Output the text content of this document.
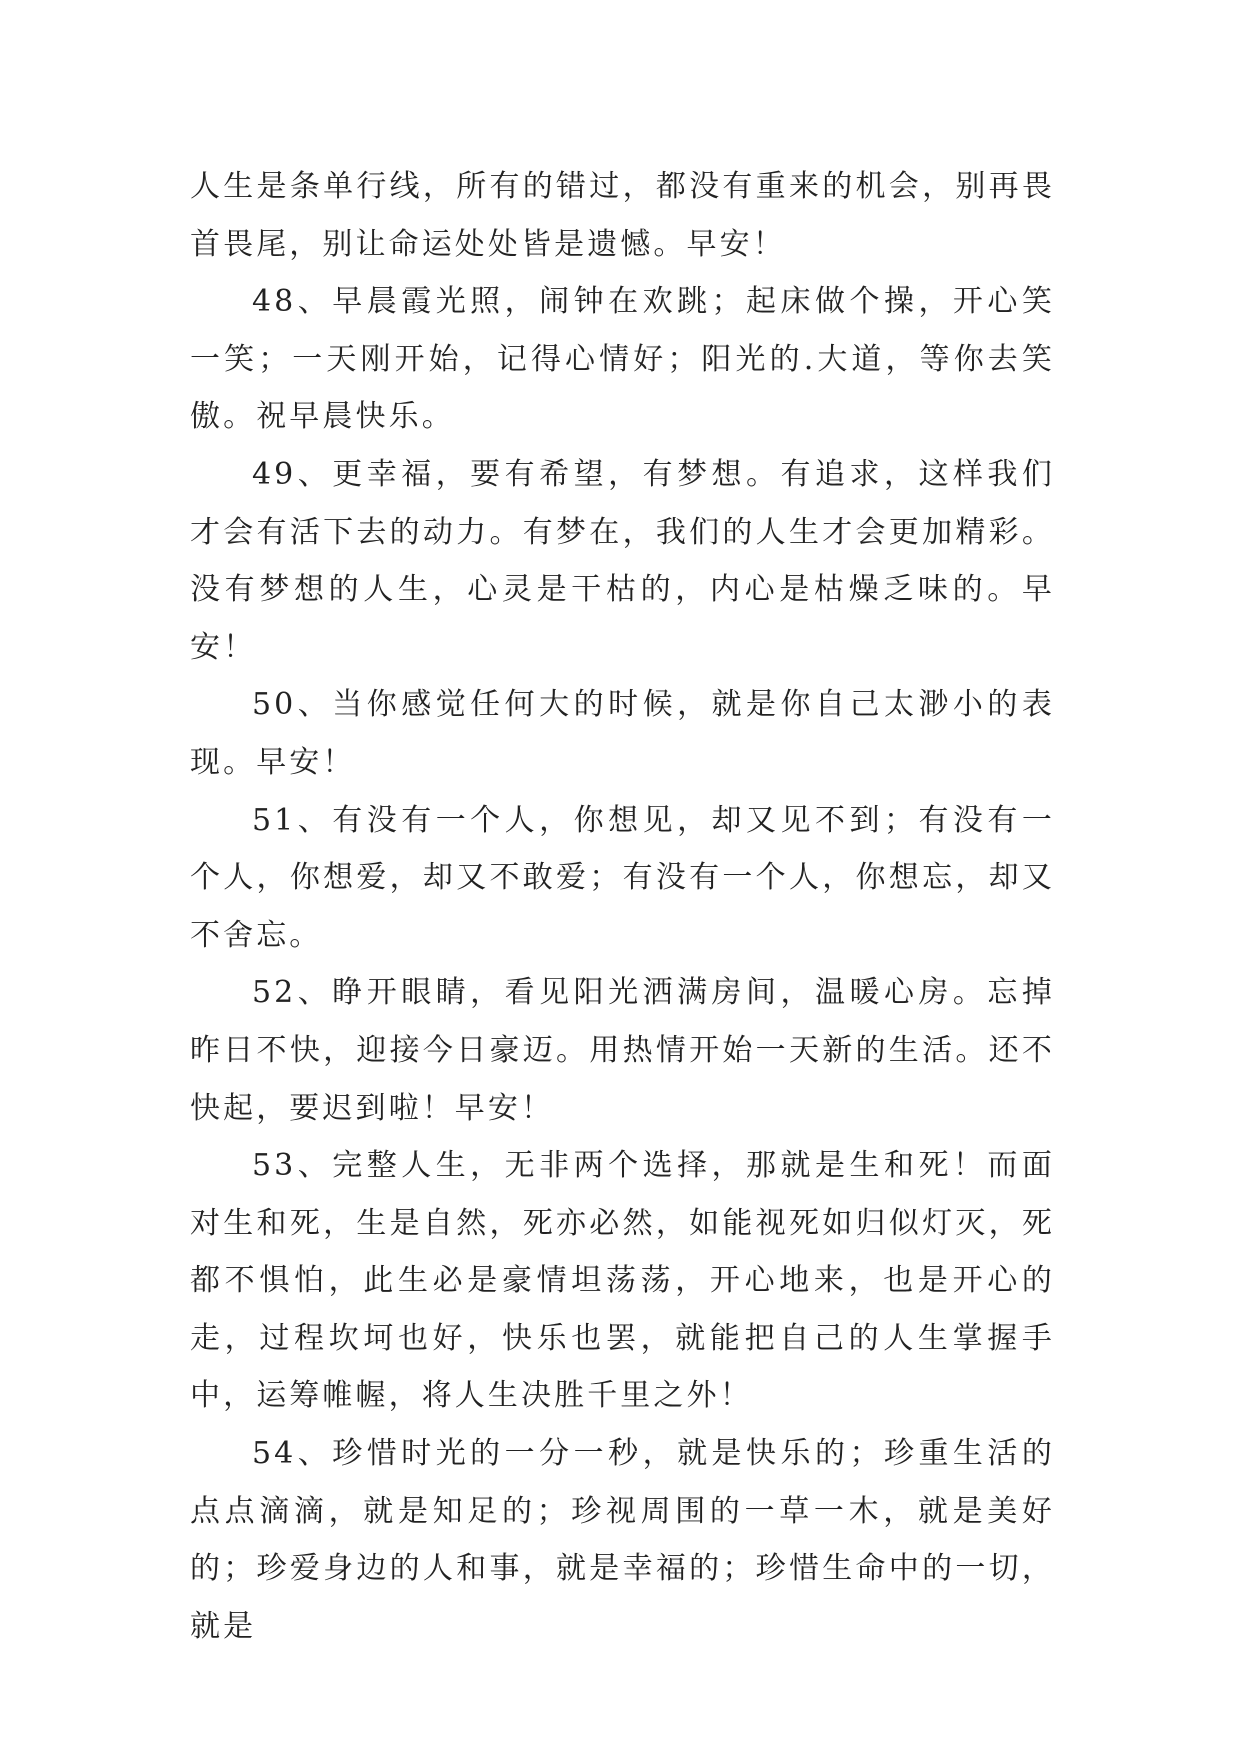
人生是条单行线，所有的错过，都没有重来的机会，别再畏首畏尾，别让命运处处皆是遗憾。早安！

48、早晨霞光照，闹钟在欢跳；起床做个操，开心笑一笑；一天刚开始，记得心情好；阳光的.大道，等你去笑傲。祝早晨快乐。

49、更幸福，要有希望，有梦想。有追求，这样我们才会有活下去的动力。有梦在，我们的人生才会更加精彩。没有梦想的人生，心灵是干枯的，内心是枯燥乏味的。早安！

50、当你感觉任何大的时候，就是你自己太渺小的表现。早安！

51、有没有一个人，你想见，却又见不到；有没有一个人，你想爱，却又不敢爱；有没有一个人，你想忘，却又不舍忘。

52、睁开眼睛，看见阳光洒满房间，温暖心房。忘掉昨日不快，迎接今日豪迈。用热情开始一天新的生活。还不快起，要迟到啦！早安！

53、完整人生，无非两个选择，那就是生和死！而面对生和死，生是自然，死亦必然，如能视死如归似灯灭，死都不惧怕，此生必是豪情坦荡荡，开心地来，也是开心的走，过程坎坷也好，快乐也罢，就能把自己的人生掌握手中，运筹帷幄，将人生决胜千里之外！

54、珍惜时光的一分一秒，就是快乐的；珍重生活的点点滴滴，就是知足的；珍视周围的一草一木，就是美好的；珍爱身边的人和事，就是幸福的；珍惜生命中的一切，就是
